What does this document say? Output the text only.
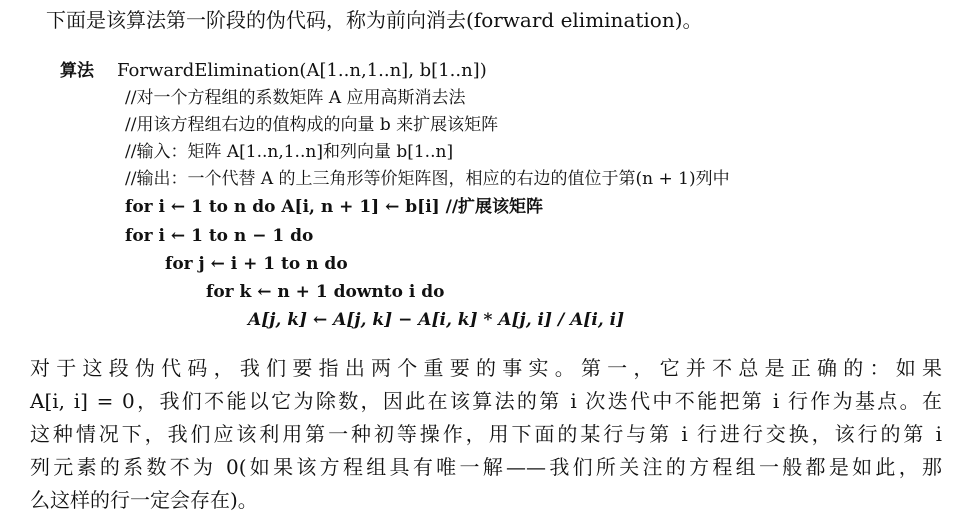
下面是该算法第一阶段的伪代码，称为前向消去(forward elimination)。
算法 ForwardElimination(A[1..n,1..n], b[1..n])
//对一个方程组的系数矩阵 A 应用高斯消去法
//用该方程组右边的值构成的向量 b 来扩展该矩阵
//输入：矩阵 A[1..n,1..n]和列向量 b[1..n]
//输出：一个代替 A 的上三角形等价矩阵图，相应的右边的值位于第(n + 1)列中
for i ← 1 to n do A[i, n + 1] ← b[i] //扩展该矩阵
for i ← 1 to n − 1 do
for j ← i + 1 to n do
for k ← n + 1 downto i do
A[j, k] ← A[j, k] − A[i, k] * A[j, i] / A[i, i]
对于这段伪代码，我们要指出两个重要的事实。第一，它并不总是正确的：如果
A[i, i] = 0，我们不能以它为除数，因此在该算法的第 i 次迭代中不能把第 i 行作为基点。在
这种情况下，我们应该利用第一种初等操作，用下面的某行与第 i 行进行交换，该行的第 i
列元素的系数不为 0(如果该方程组具有唯一解——我们所关注的方程组一般都是如此，那
么这样的行一定会存在)。
